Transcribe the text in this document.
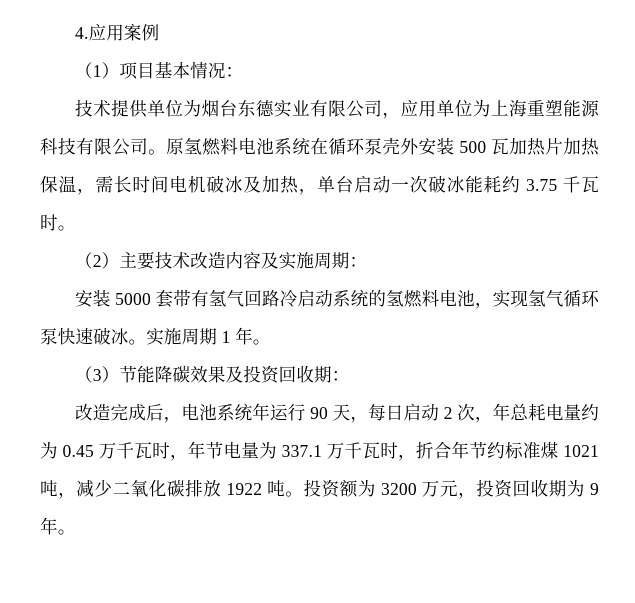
4.应用案例

（1）项目基本情况：

技术提供单位为烟台东德实业有限公司，应用单位为上海重塑能源科技有限公司。原氢燃料电池系统在循环泵壳外安装 500 瓦加热片加热保温，需长时间电机破冰及加热，单台启动一次破冰能耗约 3.75 千瓦时。

（2）主要技术改造内容及实施周期：

安装 5000 套带有氢气回路冷启动系统的氢燃料电池，实现氢气循环泵快速破冰。实施周期 1 年。

（3）节能降碳效果及投资回收期：

改造完成后，电池系统年运行 90 天，每日启动 2 次，年总耗电量约为 0.45 万千瓦时，年节电量为 337.1 万千瓦时，折合年节约标准煤 1021 吨，减少二氧化碳排放 1922 吨。投资额为 3200 万元，投资回收期为 9 年。
